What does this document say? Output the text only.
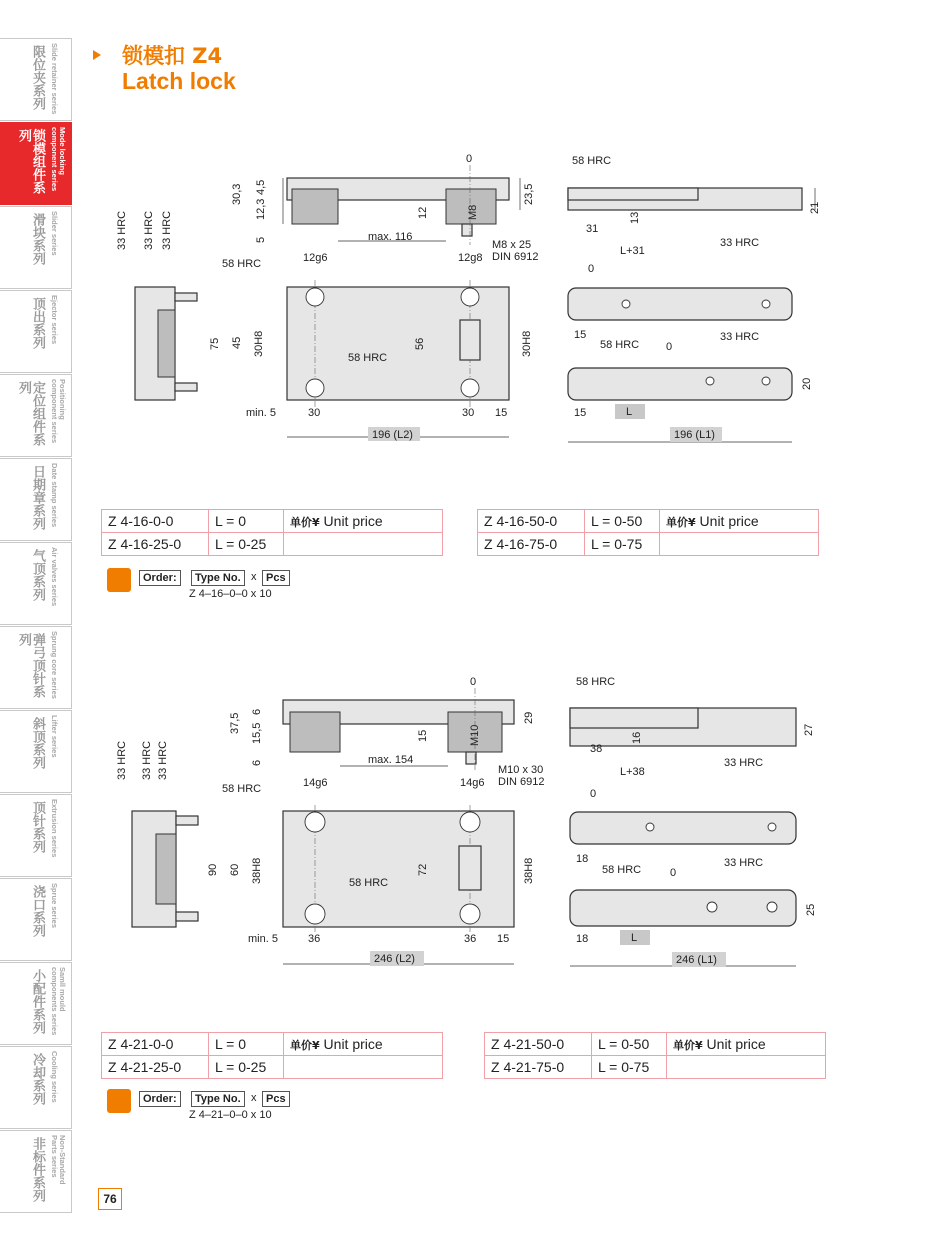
限位夹系列 Slide retainer series
锁模组件系列	Mode locking
component series
滑块系列 Slider series
顶出系列 Ejector series
定位组件系列	Positioning
component series
日期章系列 Date stamp series
气顶系列 Air valves series
弹弓顶针系列	Sprung core series
斜顶系列 Lifter series
顶针系列 Extrusion series
浇口系列 Sprue series
小配件系列	Samll mould
components series
冷却系列 Cooling series
非标件系列	Non-Standard
Parts series
锁模扣 Z4
Latch lock
0
30,3 4,5
12,3
5
23,5
12	M8
max. 116
M8 x 25
DIN 6912
58 HRC	12g6	12g8
75 45 30H8	56	30H8
58 HRC
min. 5	30	30 15
196 (L2)
33 HRC 33 HRC 33 HRC
58 HRC
21
13
31
L+31
33 HRC
0
15
58 HRC 0
33 HRC
20
15	L
196 (L1)
Z 4-16-0-0	L = 0	单价¥ Unit price
Z 4-16-25-0	L = 0-25	
Z 4-16-50-0	L = 0-50	单价¥ Unit price
Z 4-16-75-0	L = 0-75	
Order:	Type No. x Pcs
Z 4–16–0–0 x 10
0
37,5
6
15,5
6
29
15	M10
max. 154
M10 x 30
DIN 6912
58 HRC	14g6	14g6
90 60 38H8	72	38H8
58 HRC
min. 5	36	36 15
246 (L2)
33 HRC 33 HRC 33 HRC
58 HRC
27
16
38
L+38
33 HRC
0
18
58 HRC	0
33 HRC
25
18	L
246 (L1)
Z 4-21-0-0	L = 0	单价¥ Unit price
Z 4-21-25-0	L = 0-25	
Z 4-21-50-0	L = 0-50	单价¥ Unit price
Z 4-21-75-0	L = 0-75	
Order:	Type No. x Pcs
Z 4–21–0–0 x 10
76
